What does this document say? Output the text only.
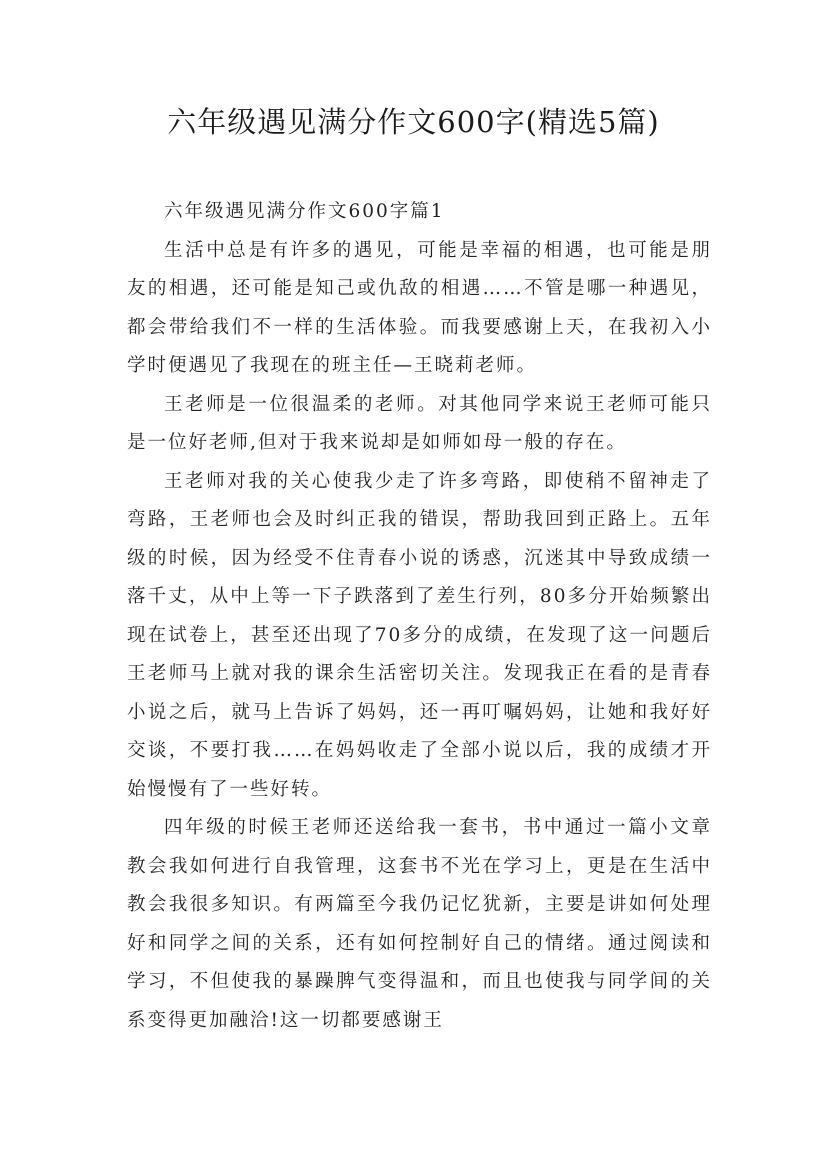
六年级遇见满分作文600字(精选5篇)

六年级遇见满分作文600字篇1

生活中总是有许多的遇见，可能是幸福的相遇，也可能是朋友的相遇，还可能是知己或仇敌的相遇……不管是哪一种遇见，都会带给我们不一样的生活体验。而我要感谢上天，在我初入小学时便遇见了我现在的班主任—王晓莉老师。

王老师是一位很温柔的老师。对其他同学来说王老师可能只是一位好老师,但对于我来说却是如师如母一般的存在。

王老师对我的关心使我少走了许多弯路，即使稍不留神走了弯路，王老师也会及时纠正我的错误，帮助我回到正路上。五年级的时候，因为经受不住青春小说的诱惑，沉迷其中导致成绩一落千丈，从中上等一下子跌落到了差生行列，80多分开始频繁出现在试卷上，甚至还出现了70多分的成绩，在发现了这一问题后王老师马上就对我的课余生活密切关注。发现我正在看的是青春小说之后，就马上告诉了妈妈，还一再叮嘱妈妈，让她和我好好交谈，不要打我……在妈妈收走了全部小说以后，我的成绩才开始慢慢有了一些好转。

四年级的时候王老师还送给我一套书，书中通过一篇小文章教会我如何进行自我管理，这套书不光在学习上，更是在生活中教会我很多知识。有两篇至今我仍记忆犹新，主要是讲如何处理好和同学之间的关系，还有如何控制好自己的情绪。通过阅读和学习，不但使我的暴躁脾气变得温和，而且也使我与同学间的关系变得更加融洽!这一切都要感谢王
